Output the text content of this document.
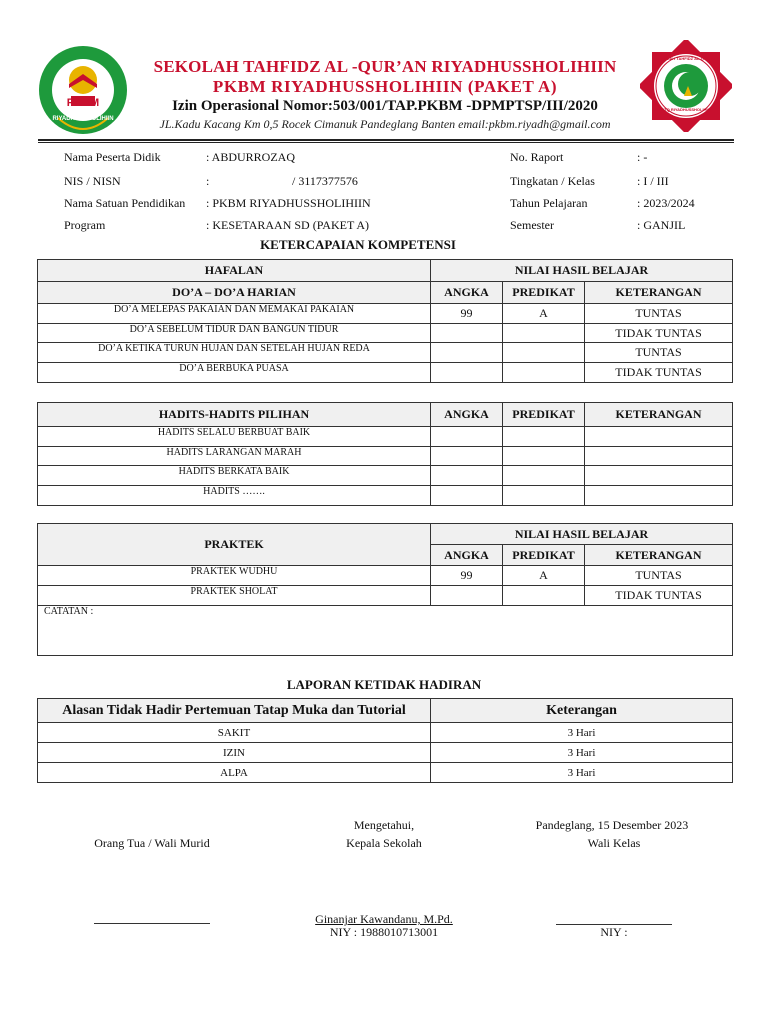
PKBM
RIYADHUSSHOLIHIIN
SEKOLAH TAHFIDZ AL-QUR'AN
STQ RIYADHUSSHOLIHIN
SEKOLAH TAHFIDZ AL -QUR’AN RIYADHUSSHOLIHIIN
PKBM RIYADHUSSHOLIHIIN (PAKET A)
Izin Operasional Nomor:503/001/TAP.PKBM -DPMPTSP/III/2020
JL.Kadu Kacang Km 0,5 Rocek Cimanuk Pandeglang Banten email:pkbm.riyadh@gmail.com
Nama Peserta Didik	: ABDURROZAQ
NIS / NISN	:	/ 3117377576
Nama Satuan Pendidikan : PKBM RIYADHUSSHOLIHIIN
Program	: KESETARAAN SD (PAKET A)
No. Raport	: -
Tingkatan / Kelas	: I / III
Tahun Pelajaran	: 2023/2024
Semester	: GANJIL
KETERCAPAIAN KOMPETENSI
HAFALAN	NILAI HASIL BELAJAR		
DO’A – DO’A HARIAN	ANGKA	PREDIKAT	KETERANGAN
DO’A MELEPAS PAKAIAN DAN MEMAKAI PAKAIAN	99	A	TUNTAS
DO’A SEBELUM TIDUR DAN BANGUN TIDUR			TIDAK TUNTAS
DO’A KETIKA TURUN HUJAN DAN SETELAH HUJAN REDA			TUNTAS
DO’A BERBUKA PUASA			TIDAK TUNTAS
HADITS-HADITS PILIHAN	ANGKA	PREDIKAT	KETERANGAN
HADITS SELALU BERBUAT BAIK			
HADITS LARANGAN MARAH			
HADITS BERKATA BAIK			
HADITS …….			
PRAKTEK	NILAI HASIL BELAJAR		
	ANGKA	PREDIKAT	KETERANGAN
PRAKTEK WUDHU	99	A	TUNTAS
PRAKTEK SHOLAT			TIDAK TUNTAS
CATATAN :			
LAPORAN KETIDAK HADIRAN
Alasan Tidak Hadir Pertemuan Tatap Muka dan Tutorial	Keterangan
SAKIT	3 Hari
IZIN	3 Hari
ALPA	3 Hari
Mengetahui,	Pandeglang, 15 Desember 2023
Orang Tua / Wali Murid	Kepala Sekolah	Wali Kelas
Ginanjar Kawandanu, M.Pd.
NIY : 1988010713001	NIY :
